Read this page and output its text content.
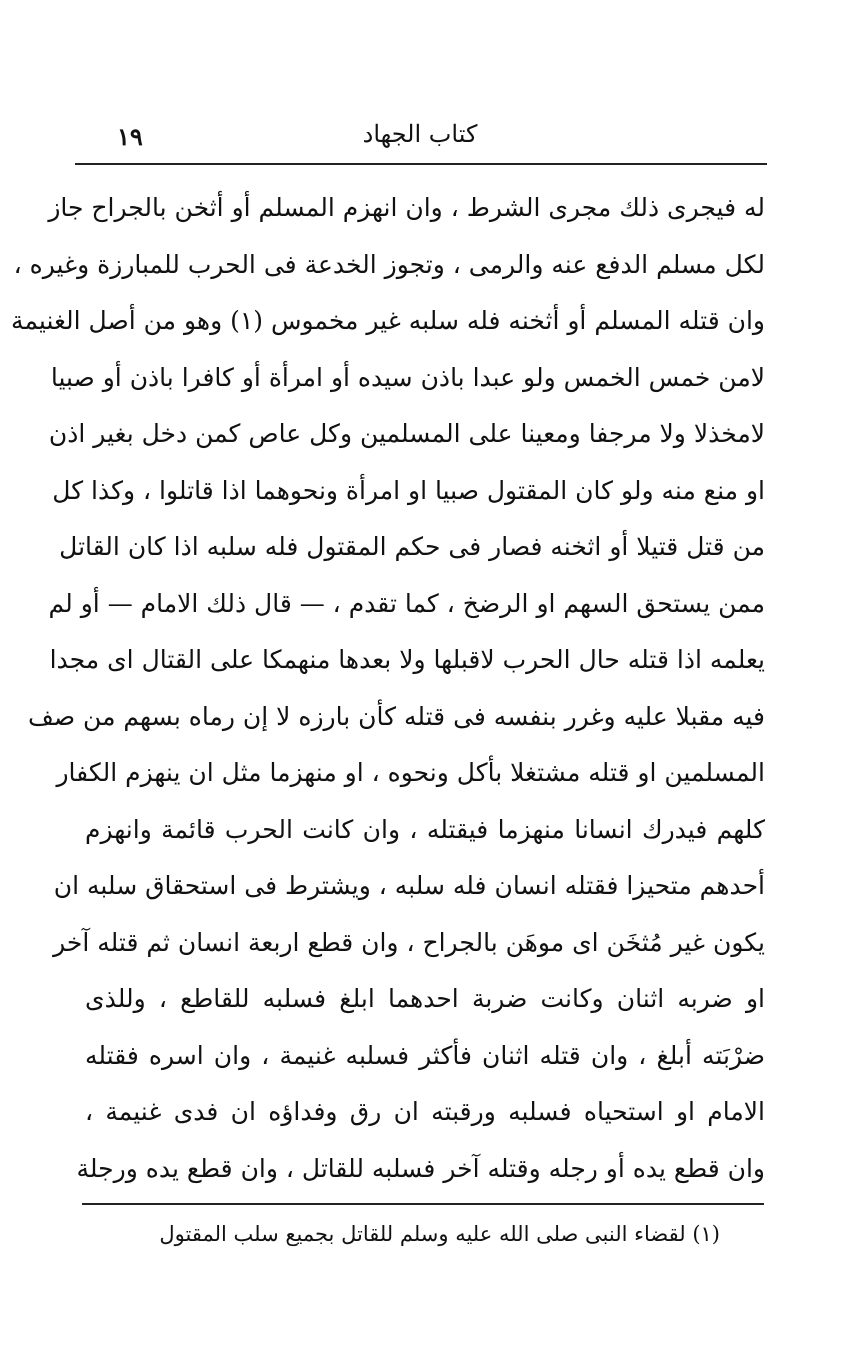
١٩	كتاب الجهاد
له فيجرى ذلك مجرى الشرط ، وان انهزم المسلم أو أثخن بالجراح جاز
لكل مسلم الدفع عنه والرمى ، وتجوز الخدعة فى الحرب للمبارزة وغيره ،
وان قتله المسلم أو أثخنه فله سلبه غير مخموس (١) وهو من أصل الغنيمة
لامن خمس الخمس ولو عبدا باذن سيده أو امرأة أو كافرا باذن أو صبيا
لامخذلا ولا مرجفا ومعينا على المسلمين وكل عاص كمن دخل بغير اذن
او منع منه ولو كان المقتول صبيا او امرأة ونحوهما اذا قاتلوا ، وكذا كل
من قتل قتيلا أو اثخنه فصار فى حكم المقتول فله سلبه اذا كان القاتل
ممن يستحق السهم او الرضخ ، كما تقدم ، — قال ذلك الامام — أو لم
يعلمه اذا قتله حال الحرب لاقبلها ولا بعدها منهمكا على القتال اى مجدا
فيه مقبلا عليه وغرر بنفسه فى قتله كأن بارزه لا إن رماه بسهم من صف
المسلمين او قتله مشتغلا بأكل ونحوه ، او منهزما مثل ان ينهزم الكفار
كلهم فيدرك انسانا منهزما فيقتله ، وان كانت الحرب قائمة وانهزم
أحدهم متحيزا فقتله انسان فله سلبه ، ويشترط فى استحقاق سلبه ان
يكون غير مُثخَن اى موهَن بالجراح ، وان قطع اربعة انسان ثم قتله آخر
او ضربه اثنان وكانت ضربة احدهما ابلغ فسلبه للقاطع ، وللذى
ضرْبَته أبلغ ، وان قتله اثنان فأكثر فسلبه غنيمة ، وان اسره فقتله
الامام او استحياه فسلبه ورقبته ان رق وفداؤه ان فدى غنيمة ،
وان قطع يده أو رجله وقتله آخر فسلبه للقاتل ، وان قطع يده ورجلة
(١) لقضاء النبى صلى الله عليه وسلم للقاتل بجميع سلب المقتول
